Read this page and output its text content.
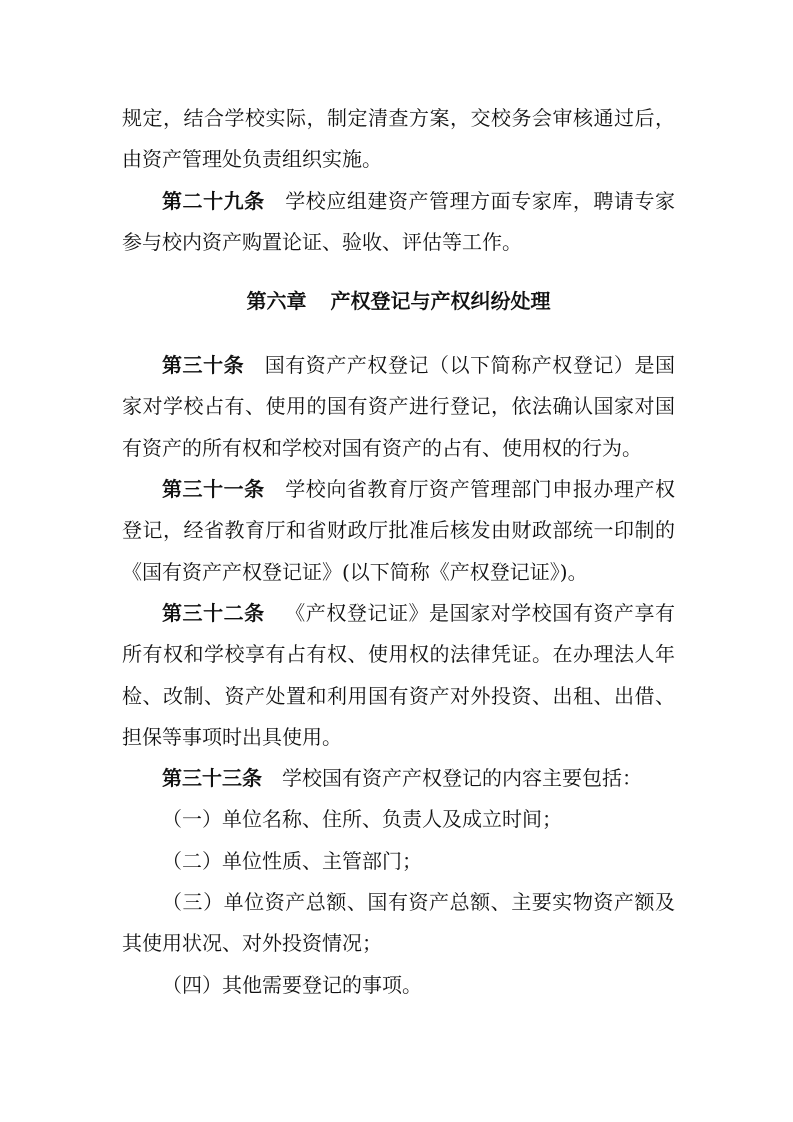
规定，结合学校实际，制定清查方案，交校务会审核通过后，由资产管理处负责组织实施。

第二十九条 学校应组建资产管理方面专家库，聘请专家参与校内资产购置论证、验收、评估等工作。

第六章 产权登记与产权纠纷处理

第三十条 国有资产产权登记（以下简称产权登记）是国家对学校占有、使用的国有资产进行登记，依法确认国家对国有资产的所有权和学校对国有资产的占有、使用权的行为。

第三十一条 学校向省教育厅资产管理部门申报办理产权登记，经省教育厅和省财政厅批准后核发由财政部统一印制的《国有资产产权登记证》(以下简称《产权登记证》)。

第三十二条 《产权登记证》是国家对学校国有资产享有所有权和学校享有占有权、使用权的法律凭证。在办理法人年检、改制、资产处置和利用国有资产对外投资、出租、出借、担保等事项时出具使用。

第三十三条 学校国有资产产权登记的内容主要包括：

（一）单位名称、住所、负责人及成立时间；

（二）单位性质、主管部门；

（三）单位资产总额、国有资产总额、主要实物资产额及其使用状况、对外投资情况；

（四）其他需要登记的事项。
